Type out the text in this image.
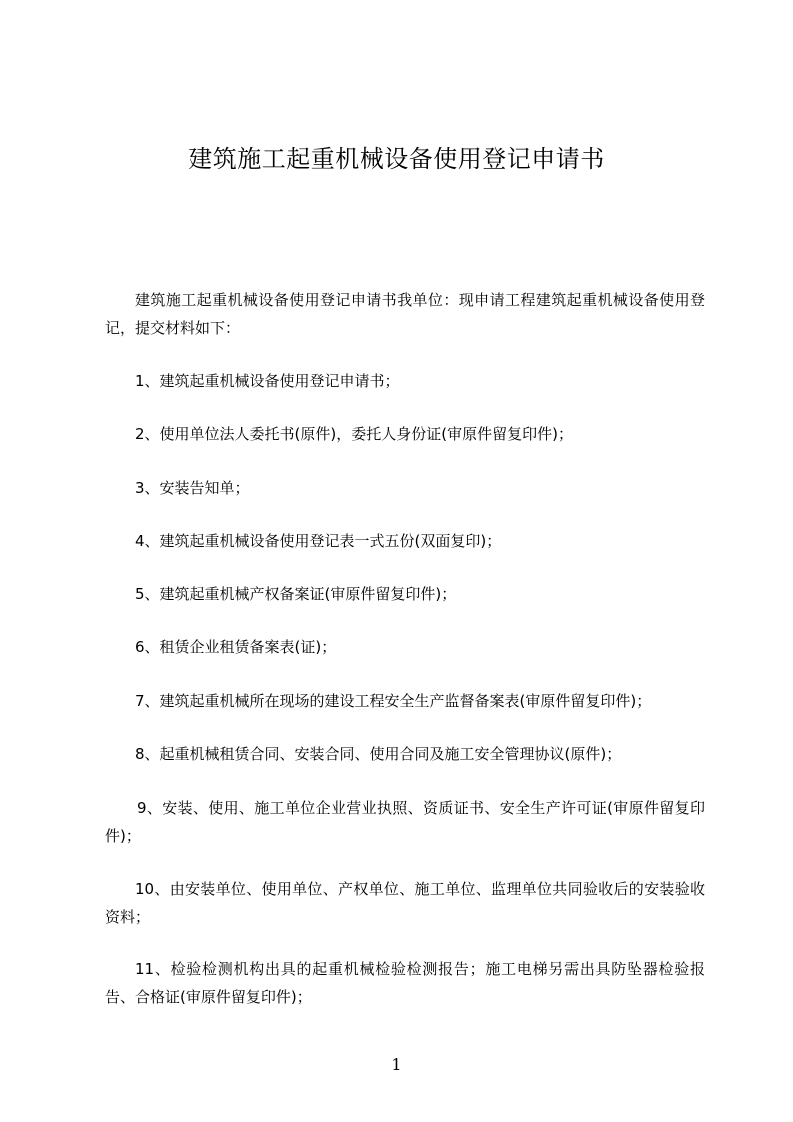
建筑施工起重机械设备使用登记申请书

建筑施工起重机械设备使用登记申请书我单位：现申请工程建筑起重机械设备使用登记，提交材料如下：

1、建筑起重机械设备使用登记申请书；

2、使用单位法人委托书(原件)，委托人身份证(审原件留复印件)；

3、安装告知单；

4、建筑起重机械设备使用登记表一式五份(双面复印)；

5、建筑起重机械产权备案证(审原件留复印件)；

6、租赁企业租赁备案表(证)；

7、建筑起重机械所在现场的建设工程安全生产监督备案表(审原件留复印件)；

8、起重机械租赁合同、安装合同、使用合同及施工安全管理协议(原件)；

9、安装、使用、施工单位企业营业执照、资质证书、安全生产许可证(审原件留复印件)；

10、由安装单位、使用单位、产权单位、施工单位、监理单位共同验收后的安装验收资料；

11、检验检测机构出具的起重机械检验检测报告；施工电梯另需出具防坠器检验报告、合格证(审原件留复印件)；

1
